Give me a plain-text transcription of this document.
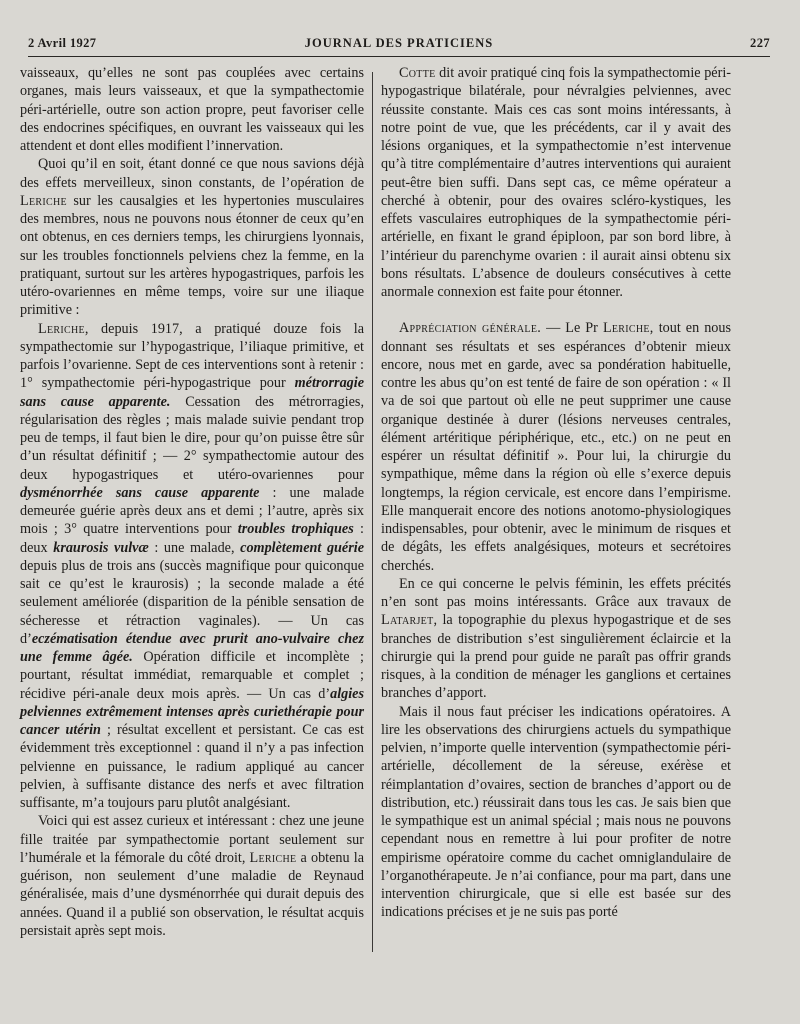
2 Avril 1927	JOURNAL DES PRATICIENS	227

vaisseaux, qu’elles ne sont pas couplées avec certains organes, mais leurs vaisseaux, et que la sympathectomie péri-artérielle, outre son action propre, peut favoriser celle des endocrines spécifiques, en ouvrant les vaisseaux qui les attendent et dont elles modifient l’innervation.

Quoi qu’il en soit, étant donné ce que nous savions déjà des effets merveilleux, sinon constants, de l’opération de Leriche sur les causalgies et les hypertonies musculaires des membres, nous ne pouvons nous étonner de ceux qu’en ont obtenus, en ces derniers temps, les chirurgiens lyonnais, sur les troubles fonctionnels pelviens chez la femme, en la pratiquant, surtout sur les artères hypogastriques, parfois les utéro-ovariennes en même temps, voire sur une iliaque primitive :

Leriche, depuis 1917, a pratiqué douze fois la sympathectomie sur l’hypogastrique, l’iliaque primitive, et parfois l’ovarienne. Sept de ces interventions sont à retenir : 1° sympathectomie péri-hypogastrique pour métrorragie sans cause apparente. Cessation des métrorragies, régularisation des règles ; mais malade suivie pendant trop peu de temps, il faut bien le dire, pour qu’on puisse être sûr d’un résultat définitif ; — 2° sympathectomie autour des deux hypogastriques et utéro-ovariennes pour dysménorrhée sans cause apparente : une malade demeurée guérie après deux ans et demi ; l’autre, après six mois ; 3° quatre interventions pour troubles trophiques : deux kraurosis vulvæ : une malade, complètement guérie depuis plus de trois ans (succès magnifique pour quiconque sait ce qu’est le kraurosis) ; la seconde malade a été seulement améliorée (disparition de la pénible sensation de sécheresse et rétraction vaginales). — Un cas d’eczématisation étendue avec prurit ano-vulvaire chez une femme âgée. Opération difficile et incomplète ; pourtant, résultat immédiat, remarquable et complet ; récidive péri-anale deux mois après. — Un cas d’algies pelviennes extrêmement intenses après curiethérapie pour cancer utérin ; résultat excellent et persistant. Ce cas est évidemment très exceptionnel : quand il n’y a pas infection pelvienne en puissance, le radium appliqué au cancer pelvien, à suffisante distance des nerfs et avec filtration suffisante, m’a toujours paru plutôt analgésiant.

Voici qui est assez curieux et intéressant : chez une jeune fille traitée par sympathectomie portant seulement sur l’humérale et la fémorale du côté droit, Leriche a obtenu la guérison, non seulement d’une maladie de Reynaud généralisée, mais d’une dysménorrhée qui durait depuis des années. Quand il a publié son observation, le résultat acquis persistait après sept mois.

Cotte dit avoir pratiqué cinq fois la sympathectomie péri-hypogastrique bilatérale, pour névralgies pelviennes, avec réussite constante. Mais ces cas sont moins intéressants, à notre point de vue, que les précédents, car il y avait des lésions organiques, et la sympathectomie n’est intervenue qu’à titre complémentaire d’autres interventions qui auraient peut-être bien suffi. Dans sept cas, ce même opérateur a cherché à obtenir, pour des ovaires scléro-kystiques, les effets vasculaires eutrophiques de la sympathectomie péri-artérielle, en fixant le grand épiploon, par son bord libre, à l’intérieur du parenchyme ovarien : il aurait ainsi obtenu six bons résultats. L’absence de douleurs consécutives à cette anormale connexion est faite pour étonner.

Appréciation générale. — Le Pr Leriche, tout en nous donnant ses résultats et ses espérances d’obtenir mieux encore, nous met en garde, avec sa pondération habituelle, contre les abus qu’on est tenté de faire de son opération : « Il va de soi que partout où elle ne peut supprimer une cause organique destinée à durer (lésions nerveuses centrales, élément artéritique périphérique, etc., etc.) on ne peut en espérer un résultat définitif ». Pour lui, la chirurgie du sympathique, même dans la région où elle s’exerce depuis longtemps, la région cervicale, est encore dans l’empirisme. Elle manquerait encore des notions anotomo-physiologiques indispensables, pour obtenir, avec le minimum de risques et de dégâts, les effets analgésiques, moteurs et secrétoires cherchés.

En ce qui concerne le pelvis féminin, les effets précités n’en sont pas moins intéressants. Grâce aux travaux de Latarjet, la topographie du plexus hypogastrique et de ses branches de distribution s’est singulièrement éclaircie et la chirurgie qui la prend pour guide ne paraît pas offrir grands risques, à la condition de ménager les ganglions et certaines branches d’apport.

Mais il nous faut préciser les indications opératoires. A lire les observations des chirurgiens actuels du sympathique pelvien, n’importe quelle intervention (sympathectomie péri-artérielle, décollement de la séreuse, exérèse et réimplantation d’ovaires, section de branches d’apport ou de distribution, etc.) réussirait dans tous les cas. Je sais bien que le sympathique est un animal spécial ; mais nous ne pouvons cependant nous en remettre à lui pour profiter de notre empirisme opératoire comme du cachet omniglandulaire de l’organothérapeute. Je n’ai confiance, pour ma part, dans une intervention chirurgicale, que si elle est basée sur des indications précises et je ne suis pas porté
